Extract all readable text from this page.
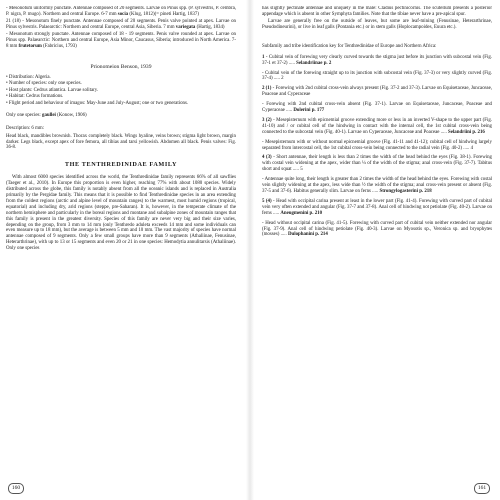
- Mesonotum uniformly punctate. Antennae composed of 20 segments. Larvae on Pinus spp. (P. sylvestris, P. cembra, P. nigra, P. mugo). Northern and central Europe. 6-7 mm socia (Klug, 1812)(= pineti Hartig, 1837)
21 (18) - Mesonotum finely punctate. Antennae composed of 20 segments. Penis valve pointed at apex. Larvae on Pinus sylvestris. Palaearctic: Northern and central Europe, central Asia, Siberia. 7 mm variegata (Hartig, 1834)
- Mesonotum strongly punctate. Antennae composed of 18 - 19 segments. Penis valve rounded at apex. Larvae on Pinus spp. Palaearctic: Northern and central Europe, Asia Minor, Caucasus, Siberia; introduced in North America. 7-8 mm frutetorum (Fabricius, 1793)
Prionomeion Benson, 1939
• Distribution: Algeria.
• Number of species: only one species.
• Host plants: Cedrus atlantica. Larvae solitary.
• Habitat: Cedrus formations.
• Flight period and behaviour of imagos: May-June and July-August; one or two generations.
Only one species: gaullei (Konow, 1906)
Description: 6 mm:
Head black, mandibles brownish. Thorax completely black. Wings hyaline, veins brown; stigma light brown, margin darker. Legs black, except apex of fore femora, all tibias and tarsi yellowish. Abdomen all black. Penis valves: Fig. 36-8.
THE TENTHREDINIDAE FAMILY
With almost 6000 species identified across the world, the Tenthredinidae family represents 66% of all sawflies (Taeger et al., 2010). In Europe this proportion is even higher, reaching 77% with about 1080 species. Widely distributed across the globe, this family is notably absent from all the oceanic islands and is replaced in Australia primarily by the Pergidae family. This means that it is possible to find Tenthredinidae species in an area extending from the coldest regions (arctic and alpine level of mountain ranges) to the warmest, most humid regions (tropical, equatorial) and including dry, arid regions (steppe, pre-Saharan). It is, however, in the temperate climate of the northern hemisphere and particularly in the boreal regions and montane and subalpine zones of mountain ranges that this family is present in the greatest diversity. Species of this family are never very big and their size varies, depending on the group, from 3 mm to 14 mm (only Tenthredo aduleta exceeds 14 mm and some individuals can even measure up to 18 mm), but the average is between 5 mm and 10 mm. The vast majority of species have normal antennae composed of 9 segments. Only a few small groups have more than 9 segments (Athaliinae, Fenusinae, Heterarthrinae), with up to 13 or 15 segments and even 20 or 21 in one species: Hemodytia annulitarsis (Athaliinae). Only one species
160
has slightly pectinate antennae and uniquely in the male: Cladius pectinicornis. The scutellum presents a posterior appendage which is absent in other Symphyta families. Note that the tibiae never have a pre-apical spur.
Larvae are generally free on the outside of leaves, but some are leaf-mining (Fenusinae, Heterarthrinae, Pseudodineurini), or live in leaf galls (Pontania etc.) or in stem galls (Hoplocampoides, Euura etc.).
Subfamily and tribe identification key for Tenthredinidae of Europe and Northern Africa:
1 - Cubital vein of forewing very clearly curved towards the stigma just before its junction with subcostal vein (Fig. 37-1 et 37-2) ..... Selandriinae p. 2
- Cubital vein of the forewing straight up to its junction with subcostal vein (Fig. 37-3) or very slightly curved (Fig. 37-4) ..... 2
2 (1) - Forewing with 2nd cubital cross-vein always present (Fig. 37-2 and 37-3). Larvae on Equisetaceae, Juncaceae, Poaceae and Cyperaceae
- Forewing with 2nd cubital cross-vein absent (Fig. 37-1). Larvae on Equisetaceae, Juncaceae, Poaceae and Cyperaceae ..... Dolerini p. 177
3 (2) - Mesepisternum with epicnemial groove extending more or less in an inverted V-shape to the upper part (Fig. 41-10) and / or cubital cell of the hindwing in contact with the internal cell, the 1st cubital cross-vein being connected to the subcostal vein (Fig. 40-1). Larvae on Cyperaceae, Juncaceae and Poaceae ..... Selandriini p. 216
- Mesepisternum with or without normal epicnemial groove (Fig. 41-11 and 41-12); cubital cell of hindwing largely separated from intercostal cell, the 1st cubital cross-vein being connected to the radial vein (Fig. 40-2) ..... 4
4 (3) - Short antennae, their length is less than 2 times the width of the head behind the eyes (Fig. 38-1). Forewing with costal vein widening at the apex, wider than ¼ of the width of the stigma; anal cross-vein (Fig. 37-7). Tabitus short and squat ..... 5
- Antennae quite long, their length is greater than 2 times the width of the head behind the eyes. Forewing with costal vein slightly widening at the apex, less wide than ½ the width of the stigma; anal cross-vein present or absent (Fig. 37-5 and 37-6). Habitus generally slim. Larvae on ferns ..... Strongylogasterini p. 218
5 (4) - Head with occipital carina present at least in the lower part (Fig. 41-4). Forewing with curved part of cubital vein very often extended and angular (Fig. 37-7 and 37-8). Anal cell of hindwing not petiolate (Fig. 40-2). Larvae on ferns ..... Aneugmenini p. 210
- Head without occipital carina (Fig. 41-5). Forewing with curved part of cubital vein neither extended nor angular (Fig. 37-9). Anal cell of hindwing petiolate (Fig. 40-3). Larvae on Myosotis sp., Veronica sp. and bryophytes (mosses) ..... Dulophanini p. 214
161
